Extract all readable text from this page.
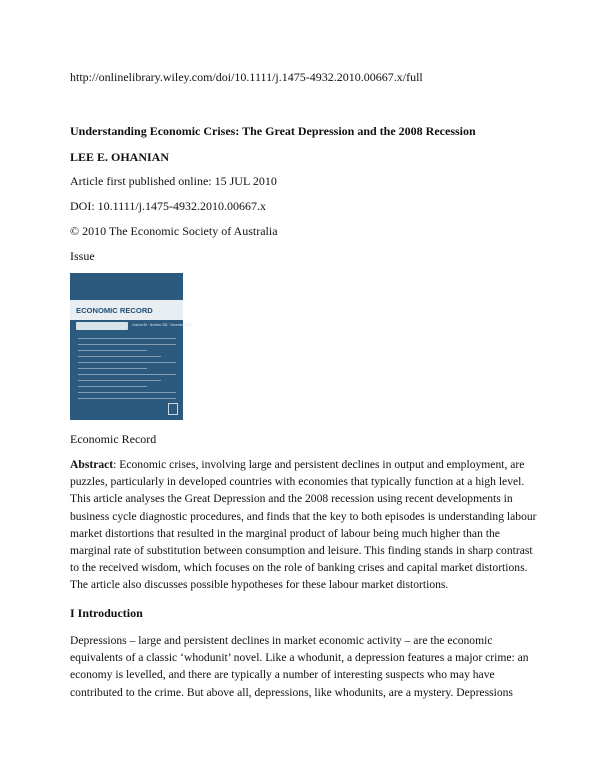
http://onlinelibrary.wiley.com/doi/10.1111/j.1475-4932.2010.00667.x/full

Understanding Economic Crises: The Great Depression and the 2008 Recession

LEE E. OHANIAN

Article first published online: 15 JUL 2010

DOI: 10.1111/j.1475-4932.2010.00667.x

© 2010 The Economic Society of Australia

Issue

ECONOMIC RECORD
Volume 86 · Number 283 · December 2010

Economic Record

Abstract: Economic crises, involving large and persistent declines in output and employment, are puzzles, particularly in developed countries with economies that typically function at a high level. This article analyses the Great Depression and the 2008 recession using recent developments in business cycle diagnostic procedures, and finds that the key to both episodes is understanding labour market distortions that resulted in the marginal product of labour being much higher than the marginal rate of substitution between consumption and leisure. This finding stands in sharp contrast to the received wisdom, which focuses on the role of banking crises and capital market distortions. The article also discusses possible hypotheses for these labour market distortions.

I Introduction

Depressions – large and persistent declines in market economic activity – are the economic equivalents of a classic ‘whodunit’ novel. Like a whodunit, a depression features a major crime: an economy is levelled, and there are typically a number of interesting suspects who may have contributed to the crime. But above all, depressions, like whodunits, are a mystery. Depressions
